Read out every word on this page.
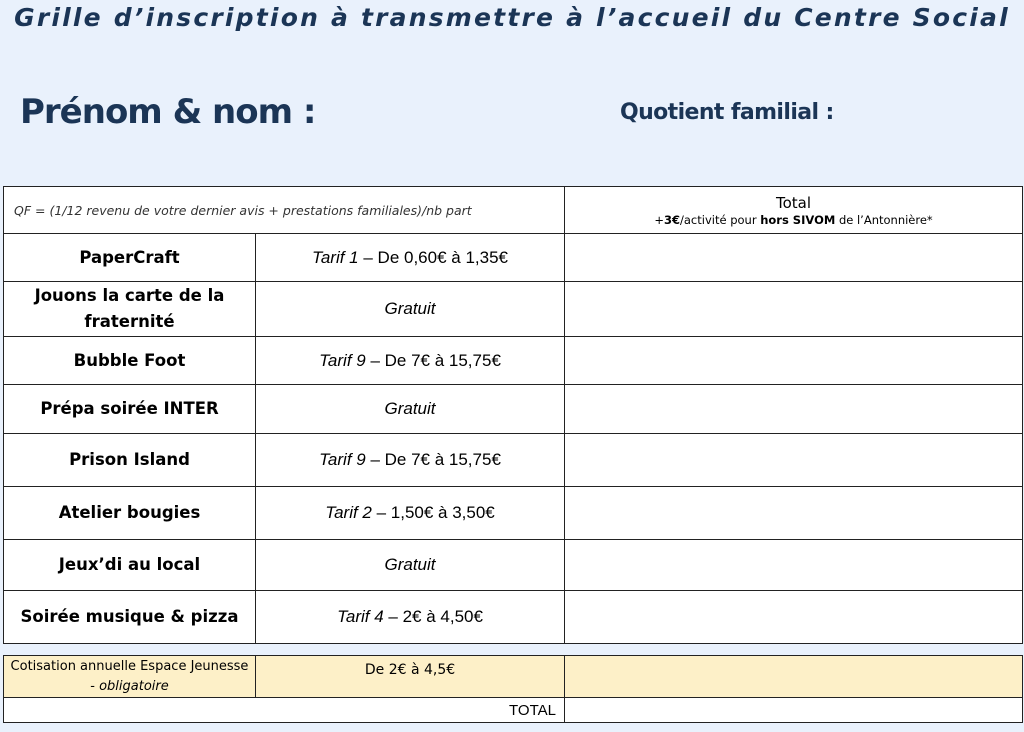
Grille d’inscription à transmettre à l’accueil du Centre Social
Prénom & nom :	Quotient familial :
QF = (1/12 revenu de votre dernier avis + prestations familiales)/nb part		Total
+3€/activité pour hors SIVOM de l’Antonnière*

PaperCraft	Tarif 1 – De 0,60€ à 1,35€	
Jouons la carte de la fraternité	Gratuit	
Bubble Foot	Tarif 9 – De 7€ à 15,75€	
Prépa soirée INTER	Gratuit	
Prison Island	Tarif 9 – De 7€ à 15,75€	
Atelier bougies	Tarif 2 – 1,50€ à 3,50€	
Jeux’di au local	Gratuit	
Soirée musique & pizza	Tarif 4 – 2€ à 4,50€	
Cotisation annuelle Espace Jeunesse - obligatoire	De 2€ à 4,5€	
TOTAL		
